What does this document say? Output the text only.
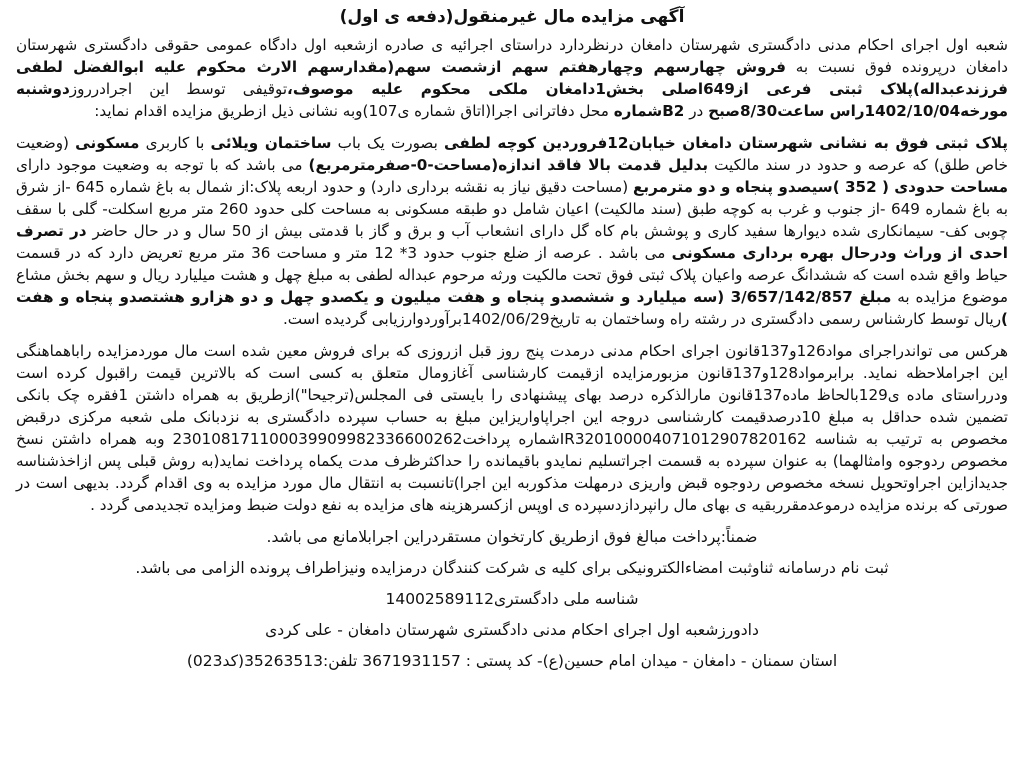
آگهی مزایده مال غیرمنقول(دفعه ی اول)
شعبه اول اجرای احکام مدنی دادگستری شهرستان دامغان درنظردارد دراستای اجرائیه ی صادره ازشعبه اول دادگاه عمومی حقوقی دادگستری شهرستان دامغان درپرونده فوق نسبت به فروش چهارسهم وچهارهفتم سهم ازشصت سهم(مقدارسهم الارث محکوم علیه ابوالفضل لطفی فرزندعبداله)پلاک ثبتی فرعی از649اصلی بخش1دامغان ملکی محکوم علیه موصوف،توقیفی توسط این اجرادرروزدوشنبه مورخه1402/10/04راس ساعت8/30صبح در B2شماره محل دفاترانی اجرا(اتاق شماره ی107)وبه نشانی ذیل ازطریق مزایده اقدام نماید:
پلاک ثبتی فوق به نشانی شهرستان دامغان خیابان12فروردین کوچه لطفی بصورت یک باب ساختمان ویلائی با کاربری مسکونی (وضعیت خاص طلق) که عرصه و حدود در سند مالکیت بدلیل قدمت بالا فاقد اندازه(مساحت-0-صفرمترمربع) می باشد که با توجه به وضعیت موجود دارای مساحت حدودی ( 352 )سیصدو پنجاه و دو مترمربع (مساحت دقیق نیاز به نقشه برداری دارد) و حدود اربعه پلاک:از شمال به باغ شماره 645 -از شرق به باغ شماره 649 -از جنوب و غرب به کوچه طبق (سند مالکیت) اعیان شامل دو طبقه مسکونی به مساحت کلی حدود 260 متر مربع اسکلت- گلی با سقف چوبی کف- سیمانکاری شده دیوارها سفید کاری و پوشش بام کاه گل دارای انشعاب آب و برق و گاز با قدمتی بیش از 50 سال و در حال حاضر در تصرف احدی از وراث ودرحال بهره برداری مسکونی می باشد . عرصه از ضلع جنوب حدود 3* 12 متر و مساحت 36 متر مربع تعریض دارد که در قسمت حیاط واقع شده است که ششدانگ عرصه واعیان پلاک ثبتی فوق تحت مالکیت ورثه مرحوم عبداله لطفی به مبلغ چهل و هشت میلیارد ریال و سهم بخش مشاع موضوع مزایده به مبلغ 3/657/142/857 (سه میلیارد و ششصدو پنجاه و هفت میلیون و یکصدو چهل و دو هزارو هشتصدو پنجاه و هفت )ریال توسط کارشناس رسمی دادگستری در رشته راه وساختمان به تاریخ1402/06/29برآوردوارزیابی گردیده است.
هرکس می تواندراجرای مواد126و137قانون اجرای احکام مدنی درمدت پنج روز قبل ازروزی که برای فروش معین شده است مال موردمزایده راباهماهنگی این اجراملاحظه نماید. برابرمواد128و137قانون مزبورمزایده ازقیمت کارشناسی آغازومال متعلق به کسی است که بالاترین قیمت راقبول کرده است ودرراستای ماده ی129بالحاظ ماده137قانون مارالذکره درصد بهای پیشنهادی را بایستی فی المجلس(ترجیحا")ازطریق به همراه داشتن 1فقره چک بانکی تضمین شده حداقل به مبلغ 10درصدقیمت کارشناسی دروجه این اجراپاواریزاین مبلغ به حساب سپرده دادگستری به نزدبانک ملی شعبه مرکزی درقبض مخصوص به ترتیب به شناسه IR320100004071012907820162شماره پرداخت230108171100039909982336600262 وبه همراه داشتن نسخ مخصوص ردوجوه وامثالهما) به عنوان سپرده به قسمت اجراتسلیم نمایدو باقیمانده را حداکثرظرف مدت یکماه پرداخت نماید(به روش قبلی پس ازاخذشناسه جدیدازاین اجراوتحویل نسخه مخصوص ردوجوه قبض واریزی درمهلت مذکوربه این اجرا)تانسبت به انتقال مال مورد مزایده به وی اقدام گردد. بدیهی است در صورتی که برنده مزایده درموعدمقرربقیه ی بهای مال رانپردازدسپرده ی اوپس ازکسرهزینه های مزایده به نفع دولت ضبط ومزایده تجدیدمی گردد .
ضمناً:پرداخت مبالغ فوق ازطریق کارتخوان مستقردراین اجرابلامانع می باشد.
ثبت نام درسامانه ثناوثبت امضاءالکترونیکی برای کلیه ی شرکت کنندگان درمزایده ونیزاطراف پرونده الزامی می باشد.
شناسه ملی دادگستری14002589112
دادورزشعبه اول اجرای احکام مدنی دادگستری شهرستان دامغان - علی کردی
استان سمنان - دامغان - میدان امام حسین(ع)- کد پستی : 3671931157 تلفن:35263513(کد023)
